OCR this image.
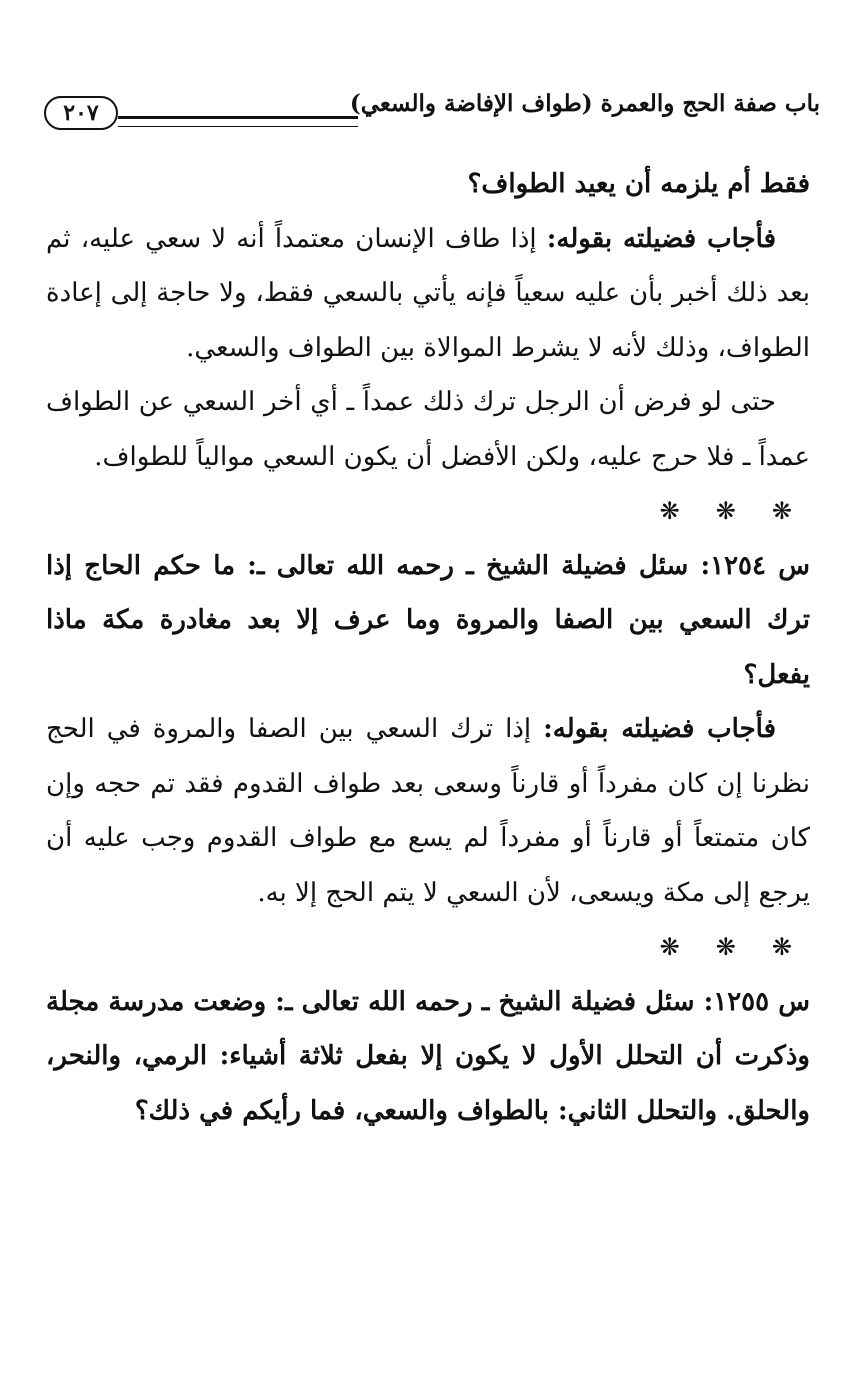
باب صفة الحج والعمرة (طواف الإفاضة والسعي)
٢٠٧

فقط أم يلزمه أن يعيد الطواف؟

فأجاب فضيلته بقوله: إذا طاف الإنسان معتمداً أنه لا سعي عليه، ثم بعد ذلك أخبر بأن عليه سعياً فإنه يأتي بالسعي فقط، ولا حاجة إلى إعادة الطواف، وذلك لأنه لا يشرط الموالاة بين الطواف والسعي.

حتى لو فرض أن الرجل ترك ذلك عمداً ـ أي أخر السعي عن الطواف عمداً ـ فلا حرج عليه، ولكن الأفضل أن يكون السعي موالياً للطواف.

❋❋❋

س ١٢٥٤: سئل فضيلة الشيخ ـ رحمه الله تعالى ـ: ما حكم الحاج إذا ترك السعي بين الصفا والمروة وما عرف إلا بعد مغادرة مكة ماذا يفعل؟

فأجاب فضيلته بقوله: إذا ترك السعي بين الصفا والمروة في الحج نظرنا إن كان مفرداً أو قارناً وسعى بعد طواف القدوم فقد تم حجه وإن كان متمتعاً أو قارناً أو مفرداً لم يسع مع طواف القدوم وجب عليه أن يرجع إلى مكة ويسعى، لأن السعي لا يتم الحج إلا به.

❋❋❋

س ١٢٥٥: سئل فضيلة الشيخ ـ رحمه الله تعالى ـ: وضعت مدرسة مجلة وذكرت أن التحلل الأول لا يكون إلا بفعل ثلاثة أشياء: الرمي، والنحر، والحلق. والتحلل الثاني: بالطواف والسعي، فما رأيكم في ذلك؟
